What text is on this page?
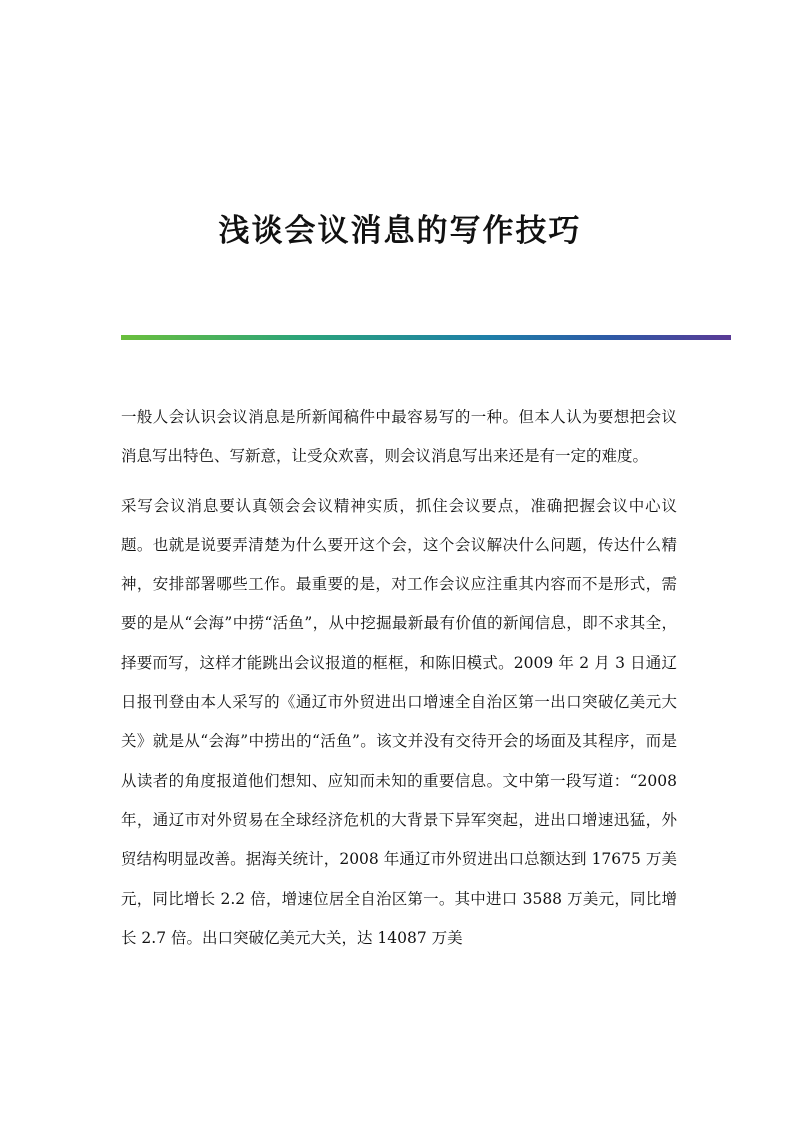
浅谈会议消息的写作技巧

一般人会认识会议消息是所新闻稿件中最容易写的一种。但本人认为要想把会议消息写出特色、写新意，让受众欢喜，则会议消息写出来还是有一定的难度。

采写会议消息要认真领会会议精神实质，抓住会议要点，准确把握会议中心议题。也就是说要弄清楚为什么要开这个会，这个会议解决什么问题，传达什么精神，安排部署哪些工作。最重要的是，对工作会议应注重其内容而不是形式，需要的是从“会海”中捞“活鱼”，从中挖掘最新最有价值的新闻信息，即不求其全，择要而写，这样才能跳出会议报道的框框，和陈旧模式。2009 年 2 月 3 日通辽日报刊登由本人采写的《通辽市外贸进出口增速全自治区第一出口突破亿美元大关》就是从“会海”中捞出的“活鱼”。该文并没有交待开会的场面及其程序，而是从读者的角度报道他们想知、应知而未知的重要信息。文中第一段写道：“2008 年，通辽市对外贸易在全球经济危机的大背景下异军突起，进出口增速迅猛，外贸结构明显改善。据海关统计，2008 年通辽市外贸进出口总额达到 17675 万美元，同比增长 2.2 倍，增速位居全自治区第一。其中进口 3588 万美元，同比增长 2.7 倍。出口突破亿美元大关，达 14087 万美
